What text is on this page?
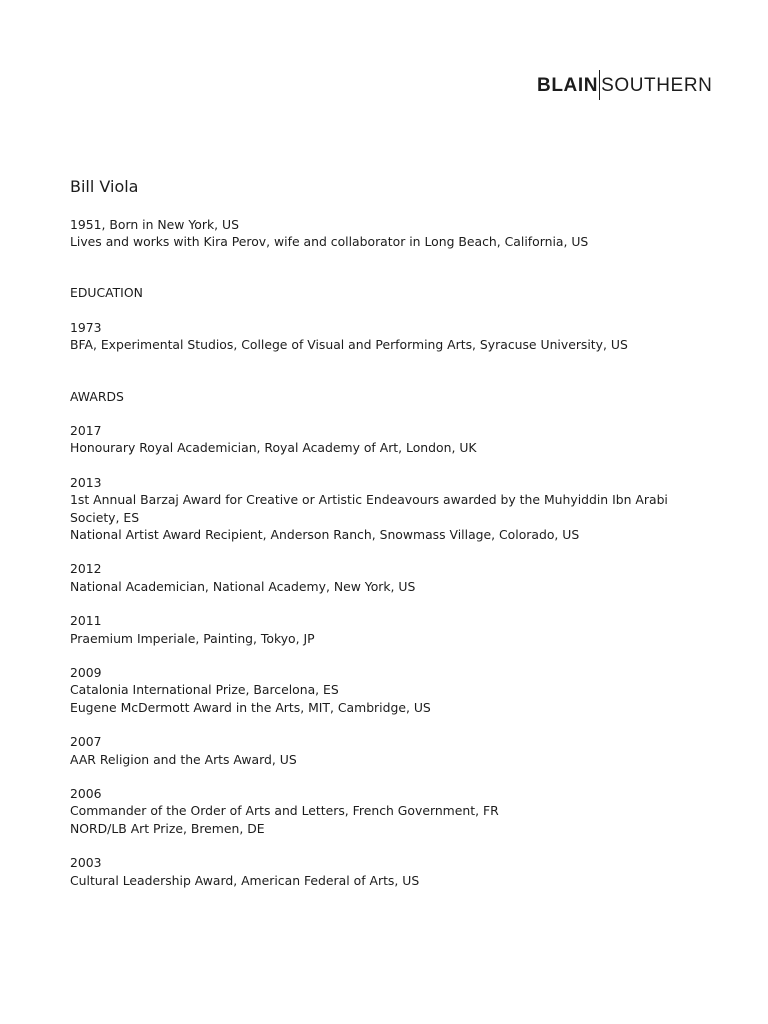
BLAIN SOUTHERN
Bill Viola

1951, Born in New York, US

Lives and works with Kira Perov, wife and collaborator in Long Beach, California, US

EDUCATION

1973

BFA, Experimental Studios, College of Visual and Performing Arts, Syracuse University, US

AWARDS

2017

Honourary Royal Academician, Royal Academy of Art, London, UK

2013

1st Annual Barzaj Award for Creative or Artistic Endeavours awarded by the Muhyiddin Ibn Arabi

Society, ES

National Artist Award Recipient, Anderson Ranch, Snowmass Village, Colorado, US

2012

National Academician, National Academy, New York, US

2011

Praemium Imperiale, Painting, Tokyo, JP

2009

Catalonia International Prize, Barcelona, ES

Eugene McDermott Award in the Arts, MIT, Cambridge, US

2007

AAR Religion and the Arts Award, US

2006

Commander of the Order of Arts and Letters, French Government, FR

NORD/LB Art Prize, Bremen, DE

2003

Cultural Leadership Award, American Federal of Arts, US
